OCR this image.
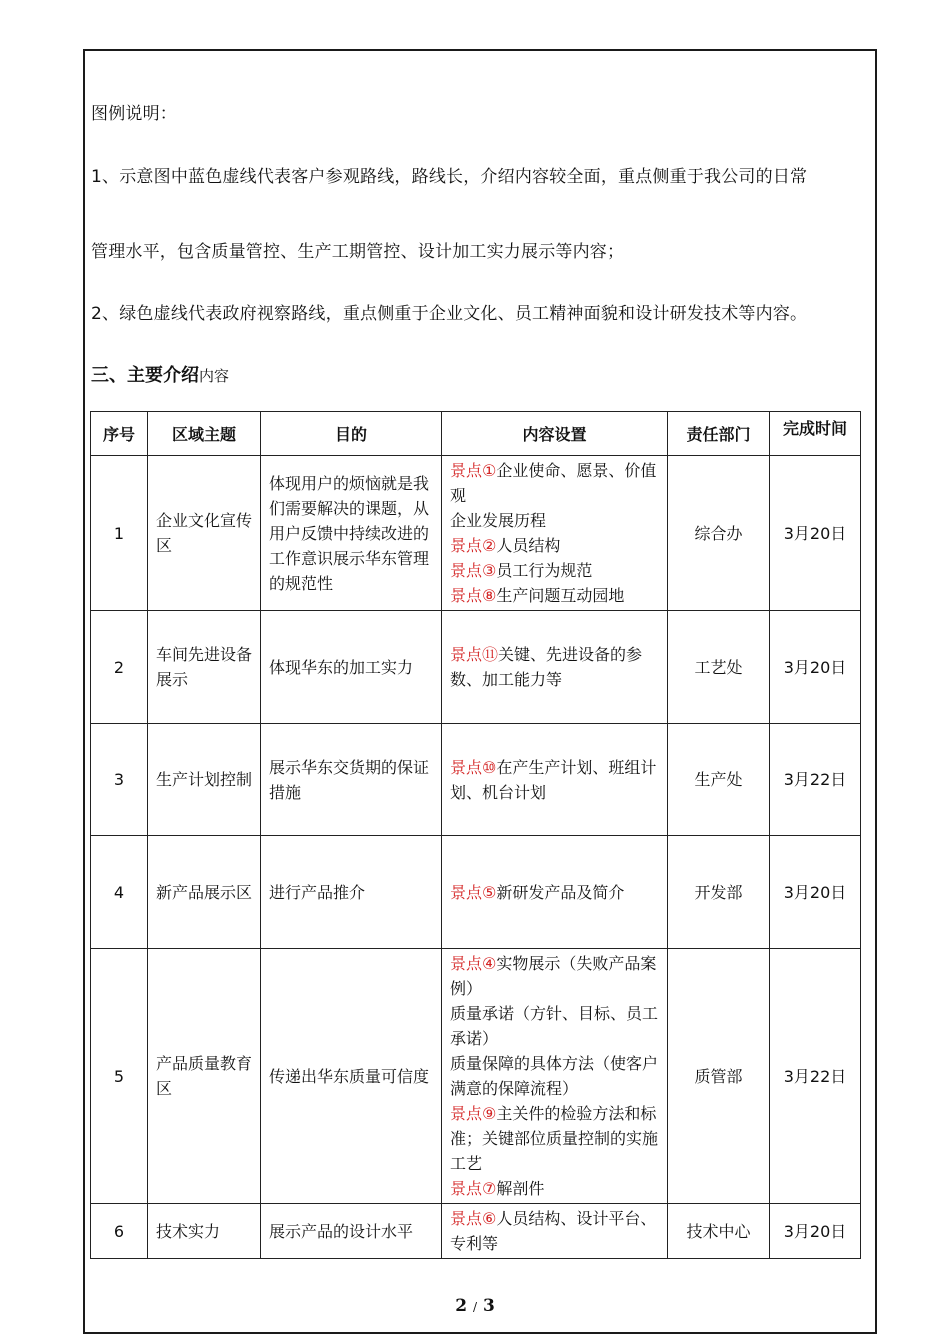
图例说明：
1、示意图中蓝色虚线代表客户参观路线，路线长，介绍内容较全面，重点侧重于我公司的日常
管理水平，包含质量管控、生产工期管控、设计加工实力展示等内容；
2、绿色虚线代表政府视察路线，重点侧重于企业文化、员工精神面貌和设计研发技术等内容。
三、主要介绍内容
序号	区域主题	目的	内容设置	责任部门	完成时间
1	企业文化宣传区	体现用户的烦恼就是我们需要解决的课题，从用户反馈中持续改进的工作意识展示华东管理的规范性	景点①企业使命、愿景、价值观
企业发展历程
景点②人员结构
景点③员工行为规范
景点⑧生产问题互动园地	综合办	3月20日
2	车间先进设备展示	体现华东的加工实力	景点⑪关键、先进设备的参数、加工能力等	工艺处	3月20日
3	生产计划控制	展示华东交货期的保证措施	景点⑩在产生产计划、班组计划、机台计划	生产处	3月22日
4	新产品展示区	进行产品推介	景点⑤新研发产品及简介	开发部	3月20日
5	产品质量教育区	传递出华东质量可信度	景点④实物展示（失败产品案例）
质量承诺（方针、目标、员工承诺）
质量保障的具体方法（使客户满意的保障流程）
景点⑨主关件的检验方法和标准；关键部位质量控制的实施工艺
景点⑦解剖件	质管部	3月22日
6	技术实力	展示产品的设计水平	景点⑥人员结构、设计平台、专利等	技术中心	3月20日
2 / 3
